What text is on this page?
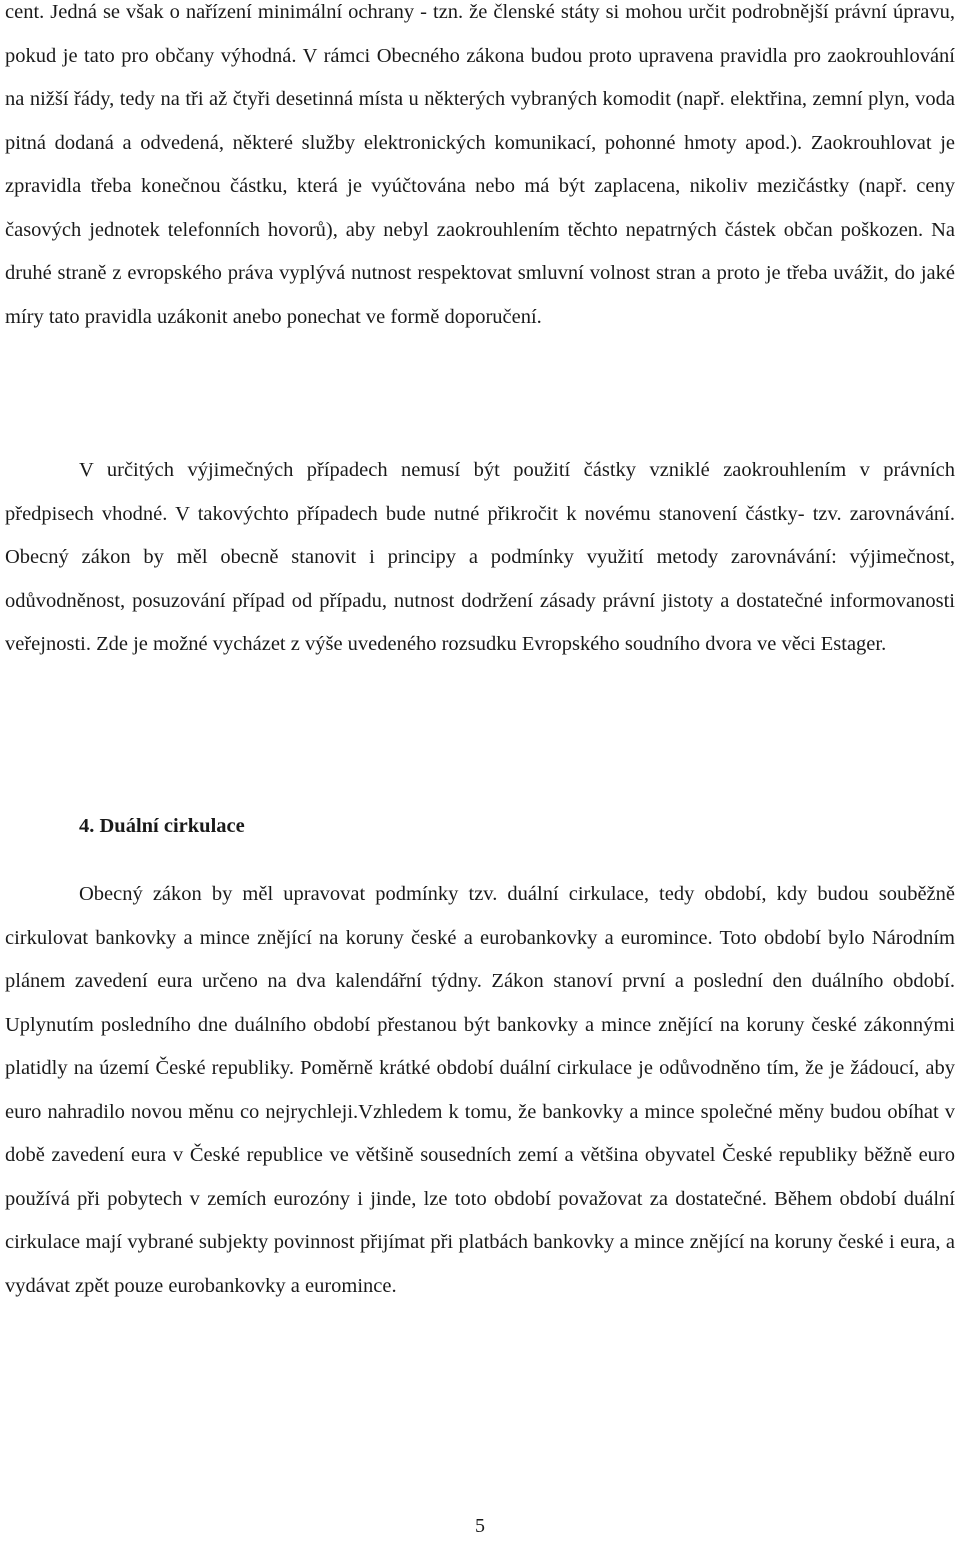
cent. Jedná se však o nařízení minimální ochrany - tzn. že členské státy si mohou určit podrobnější právní úpravu, pokud je tato pro občany výhodná. V rámci Obecného zákona budou proto upravena pravidla pro zaokrouhlování na nižší řády, tedy na tři až čtyři desetinná místa u některých vybraných komodit (např. elektřina, zemní plyn, voda pitná dodaná a odvedená, některé služby elektronických komunikací, pohonné hmoty apod.). Zaokrouhlovat je zpravidla třeba konečnou částku, která je vyúčtována nebo má být zaplacena, nikoliv mezičástky (např. ceny časových jednotek telefonních hovorů), aby nebyl zaokrouhlením těchto nepatrných částek občan poškozen. Na druhé straně z evropského práva vyplývá nutnost respektovat smluvní volnost stran a proto je třeba uvážit, do jaké míry tato pravidla uzákonit anebo ponechat ve formě doporučení.

V určitých výjimečných případech nemusí být použití částky vzniklé zaokrouhlením v právních předpisech vhodné. V takovýchto případech bude nutné přikročit k novému stanovení částky- tzv. zarovnávání. Obecný zákon by měl obecně stanovit i principy a podmínky využití metody zarovnávání: výjimečnost, odůvodněnost, posuzování případ od případu, nutnost dodržení zásady právní jistoty a dostatečné informovanosti veřejnosti. Zde je možné vycházet z výše uvedeného rozsudku Evropského soudního dvora ve věci Estager.

4. Duální cirkulace

Obecný zákon by měl upravovat podmínky tzv. duální cirkulace, tedy období, kdy budou souběžně cirkulovat bankovky a mince znějící na koruny české a eurobankovky a euromince. Toto období bylo Národním plánem zavedení eura určeno na dva kalendářní týdny. Zákon stanoví první a poslední den duálního období. Uplynutím posledního dne duálního období přestanou být bankovky a mince znějící na koruny české zákonnými platidly na území České republiky. Poměrně krátké období duální cirkulace je odůvodněno tím, že je žádoucí, aby euro nahradilo novou měnu co nejrychleji.Vzhledem k tomu, že bankovky a mince společné měny budou obíhat v době zavedení eura v České republice ve většině sousedních zemí a většina obyvatel České republiky běžně euro používá při pobytech v zemích eurozóny i jinde, lze toto období považovat za dostatečné. Během období duální cirkulace mají vybrané subjekty povinnost přijímat při platbách bankovky a mince znějící na koruny české i eura, a vydávat zpět pouze eurobankovky a euromince.

5
